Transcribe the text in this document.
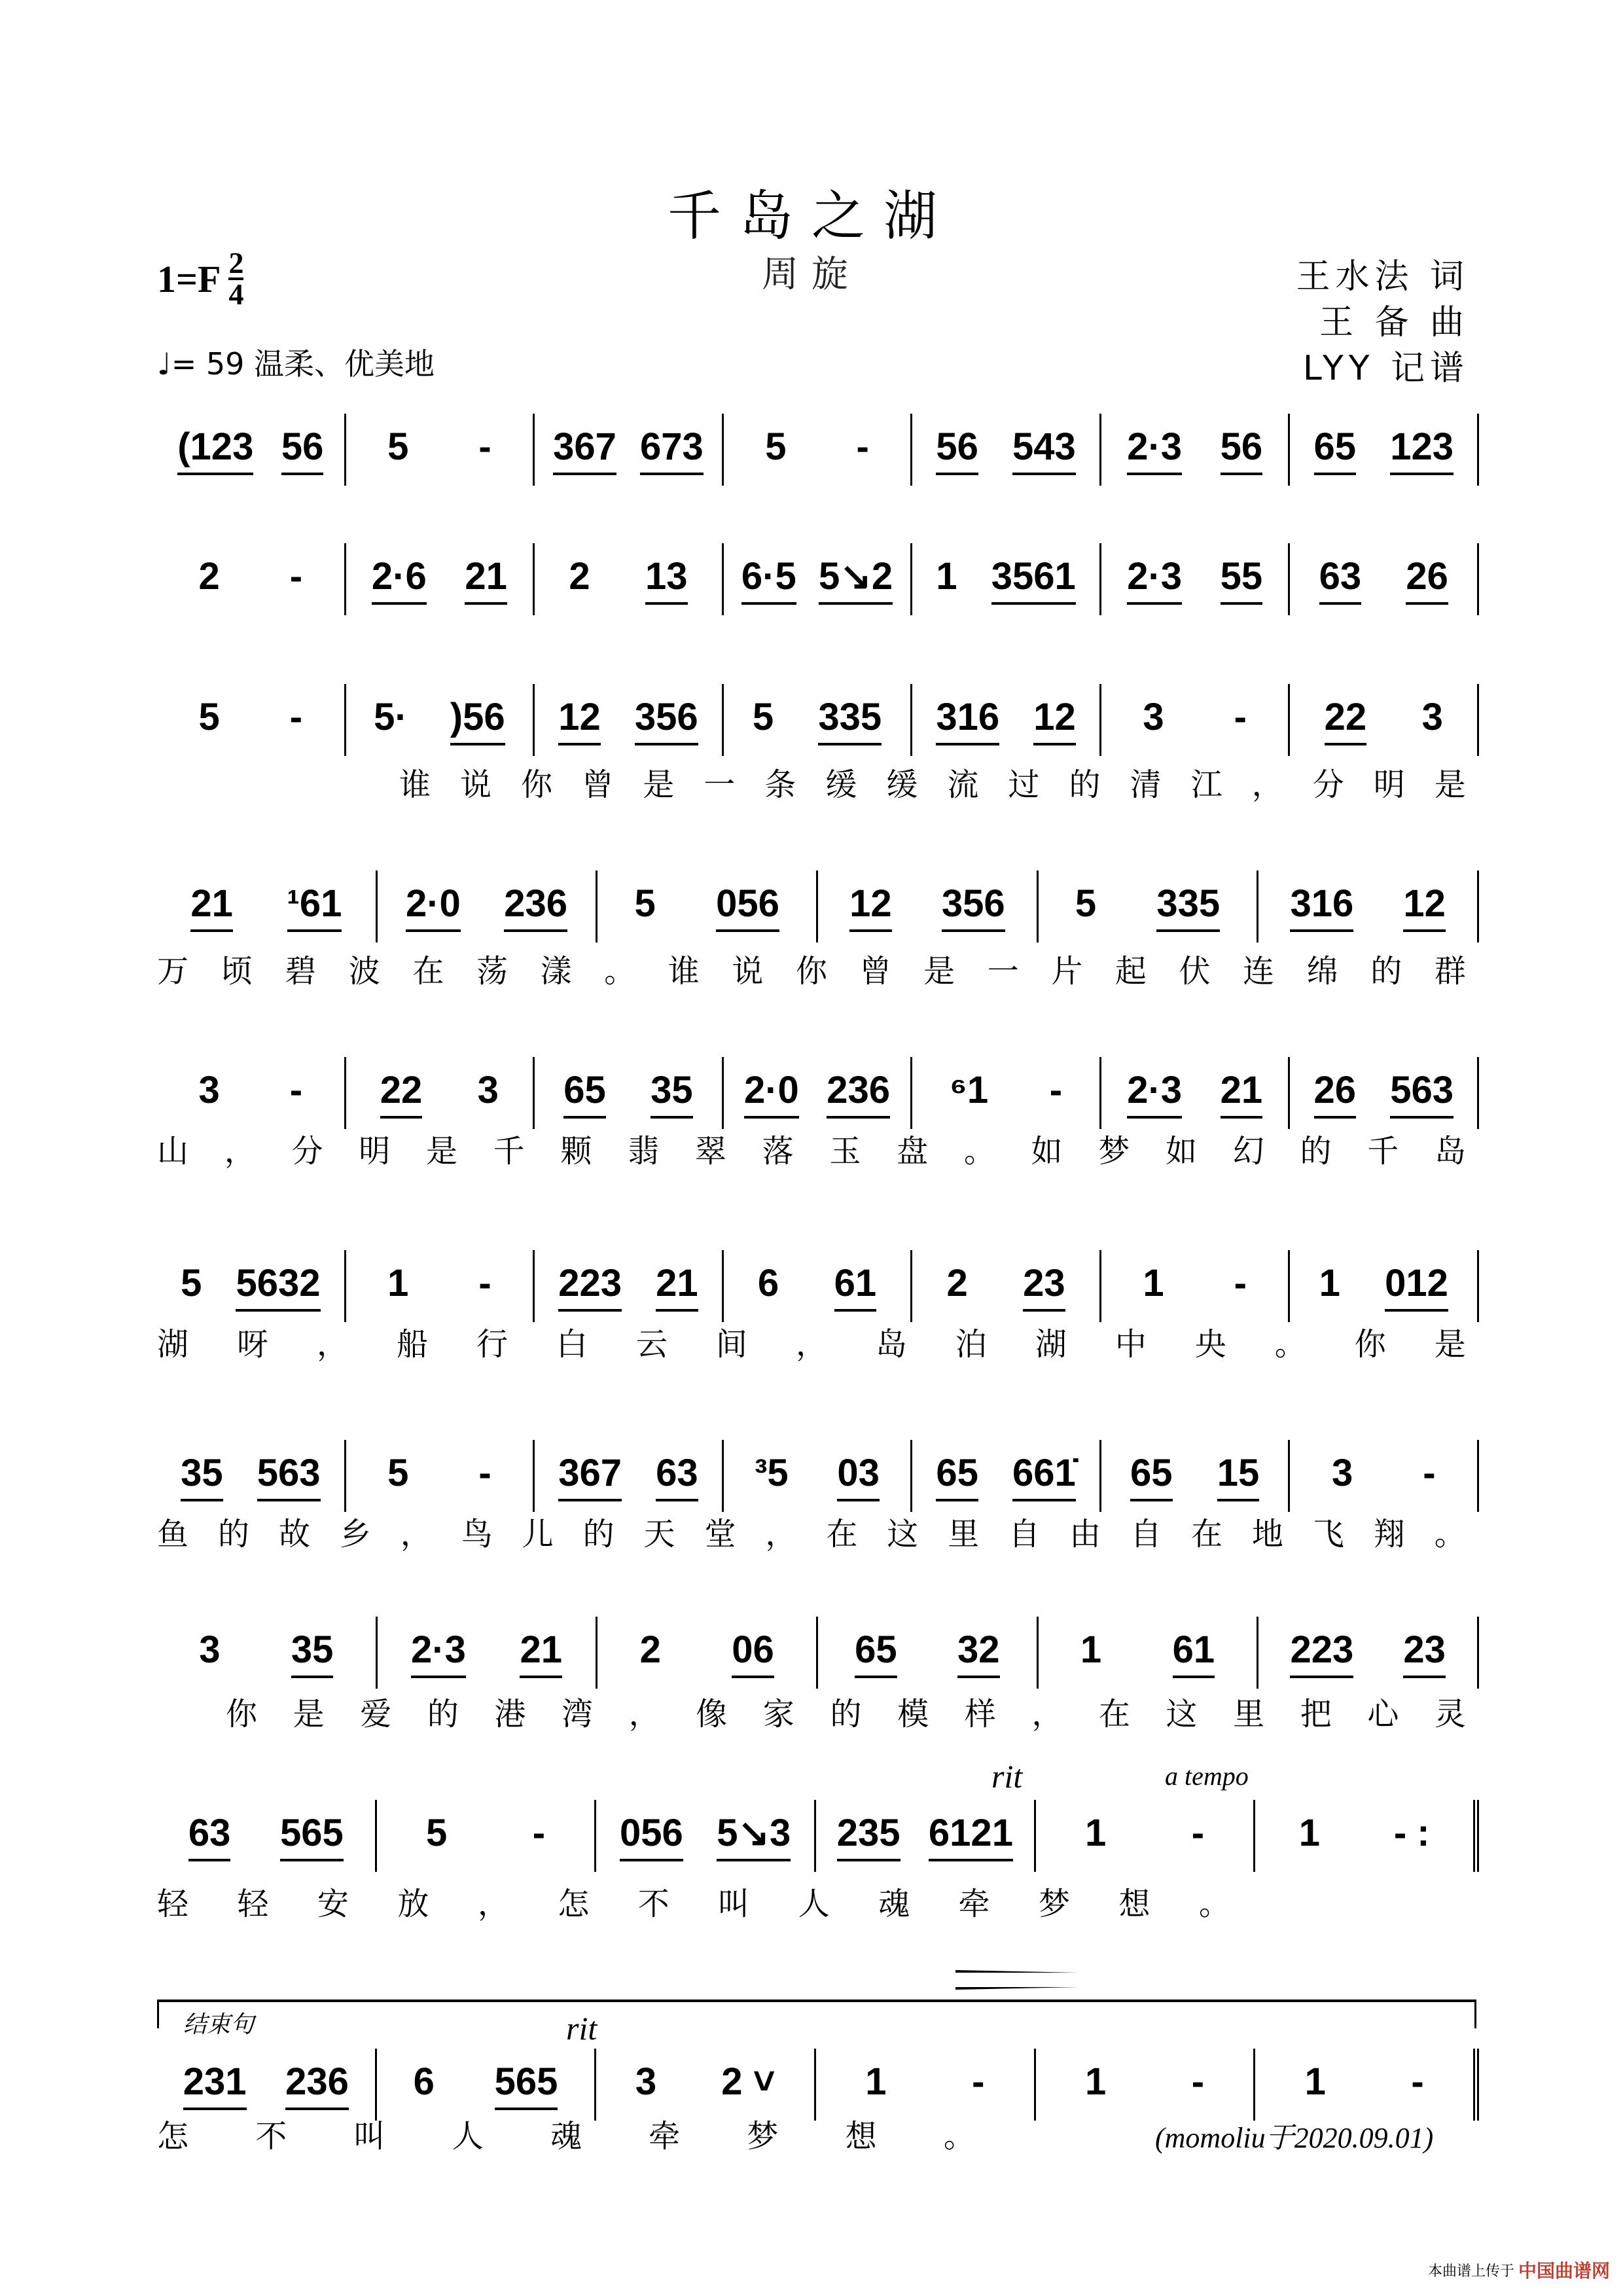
千岛之湖
周旋
$1=F \frac{2}{4}$
♩= 59 温柔、优美地
王水法 词
王 备 曲
LYY 记谱
(123 56 5 - 367 673 5 - 56 543 2·3 56 65 123
2 - 2·6 21 2 13 6·5 5↘2 1 3561 2·3 55 63 26
5 - 5· )56 12 356 5 335 316 12 3 - 22 3
谁 说 你 曾 是 一 条 缓 缓 流 过 的 清 江 ， 分 明 是
21 ¹61 2·0 236 5 056 12 356 5 335 316 12
万 顷 碧 波 在 荡 漾 。 谁 说 你 曾 是 一 片 起 伏 连 绵 的 群
3 - 22 3 65 35 2·0 236 ⁶1 - 2·3 21 26 563
山 ， 分 明 是 千 颗 翡 翠 落 玉 盘 。 如 梦 如 幻 的 千 岛
5 5632 1 - 223 21 6 61 2 23 1 - 1 012
湖 呀 ， 船 行 白 云 间 ， 岛 泊 湖 中 央 。 你 是
35 563 5 - 367 63 ³5 03 65 661̇ 65 15 3 -
鱼 的 故 乡 ， 鸟 儿 的 天 堂 ， 在 这 里 自 由 自 在 地 飞 翔 。
3 35 2·3 21 2 06 65 32 1 61 223 23
你 是 爱 的 港 湾 ， 像 家 的 模 样 ， 在 这 里 把 心 灵
63 565 5 - 056 5↘3 235 6121 1 - 1 - :
轻 轻 安 放 ， 怎 不 叫 人 魂 牵 梦 想 。
231 236 6 565 3 2 ˅ 1 -	1 -	1 -
怎 不 叫 人 魂 牵 梦 想 。
rit	a tempo
结束句	rit
(momoliu于2020.09.01)
本曲谱上传于 中国曲谱网
